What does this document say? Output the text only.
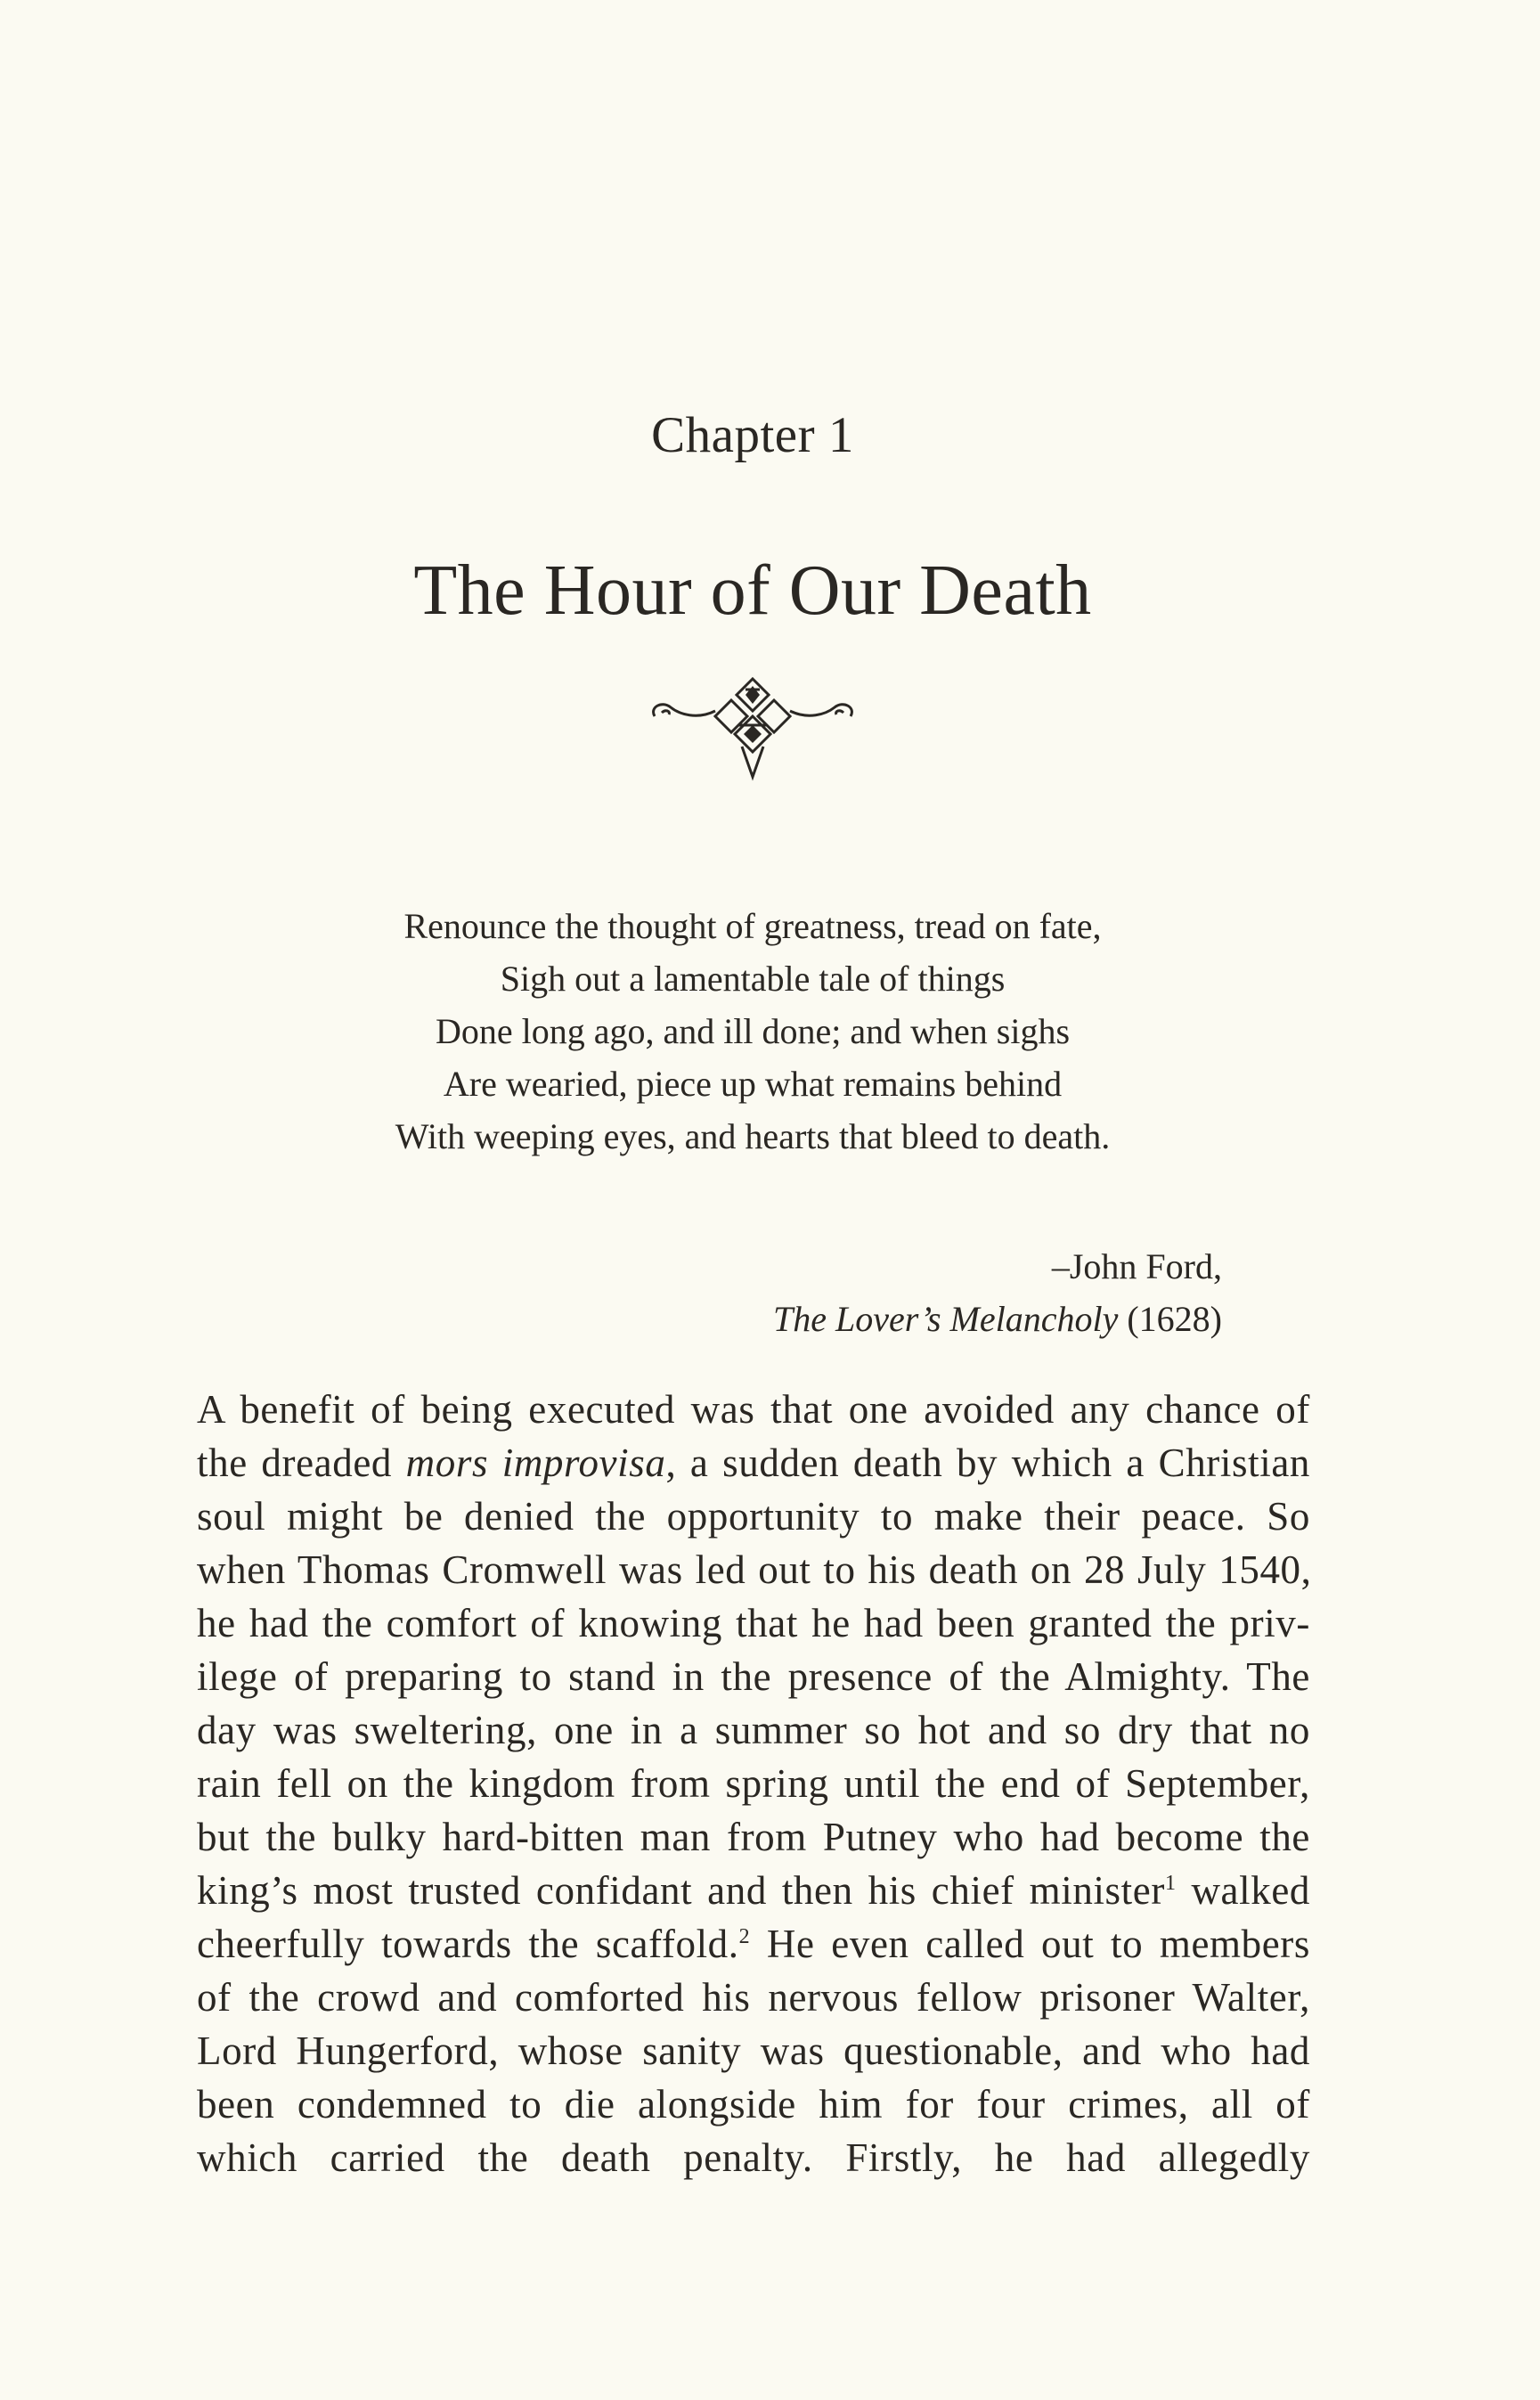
Chapter 1
The Hour of Our Death
Renounce the thought of greatness, tread on fate,
Sigh out a lamentable tale of things
Done long ago, and ill done; and when sighs
Are wearied, piece up what remains behind
With weeping eyes, and hearts that bleed to death.
–John Ford,
The Lover’s Melancholy (1628)
A benefit of being executed was that one avoided any chance of
the dreaded mors improvisa, a sudden death by which a Christian
soul might be denied the opportunity to make their peace. So
when Thomas Cromwell was led out to his death on 28 July 1540,
he had the comfort of knowing that he had been granted the priv-
ilege of preparing to stand in the presence of the Almighty. The
day was sweltering, one in a summer so hot and so dry that no
rain fell on the kingdom from spring until the end of September,
but the bulky hard-bitten man from Putney who had become the
king’s most trusted confidant and then his chief minister$^1$ walked
cheerfully towards the scaffold.$^2$ He even called out to members
of the crowd and comforted his nervous fellow prisoner Walter,
Lord Hungerford, whose sanity was questionable, and who had
been condemned to die alongside him for four crimes, all of
which carried the death penalty. Firstly, he had allegedly
